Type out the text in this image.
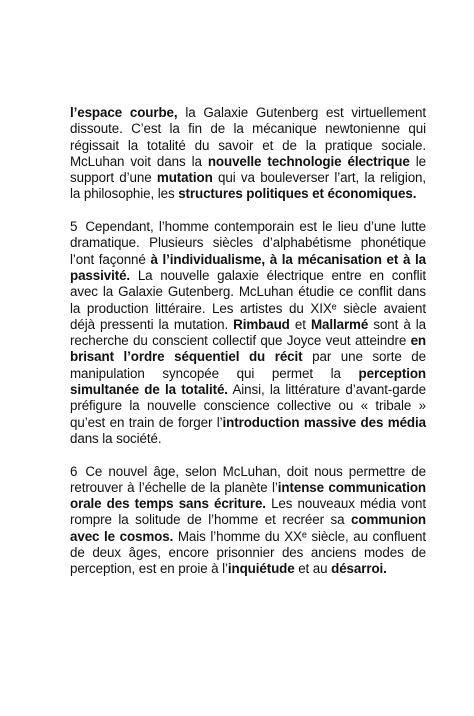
l’espace courbe, la Galaxie Gutenberg est virtuellement dissoute. C’est la fin de la mécanique newtonienne qui régissait la totalité du savoir et de la pratique sociale. McLuhan voit dans la nouvelle technologie électrique le support d’une mutation qui va bouleverser l’art, la religion, la philosophie, les structures politiques et économiques.

5 Cependant, l’homme contemporain est le lieu d’une lutte dramatique. Plusieurs siècles d’alphabétisme phonétique l’ont façonné à l’individualisme, à la mécanisation et à la passivité. La nouvelle galaxie électrique entre en conflit avec la Galaxie Gutenberg. McLuhan étudie ce conflit dans la production littéraire. Les artistes du XIXᵉ siècle avaient déjà pressenti la mutation. Rimbaud et Mallarmé sont à la recherche du conscient collectif que Joyce veut atteindre en brisant l’ordre séquentiel du récit par une sorte de manipulation syncopée qui permet la perception simultanée de la totalité. Ainsi, la littérature d’avant-garde préfigure la nouvelle conscience collective ou « tribale » qu’est en train de forger l’introduction massive des média dans la société.

6 Ce nouvel âge, selon McLuhan, doit nous permettre de retrouver à l’échelle de la planète l’intense communication orale des temps sans écriture. Les nouveaux média vont rompre la solitude de l’homme et recréer sa communion avec le cosmos. Mais l’homme du XXᵉ siècle, au confluent de deux âges, encore prisonnier des anciens modes de perception, est en proie à l’inquiétude et au désarroi.
